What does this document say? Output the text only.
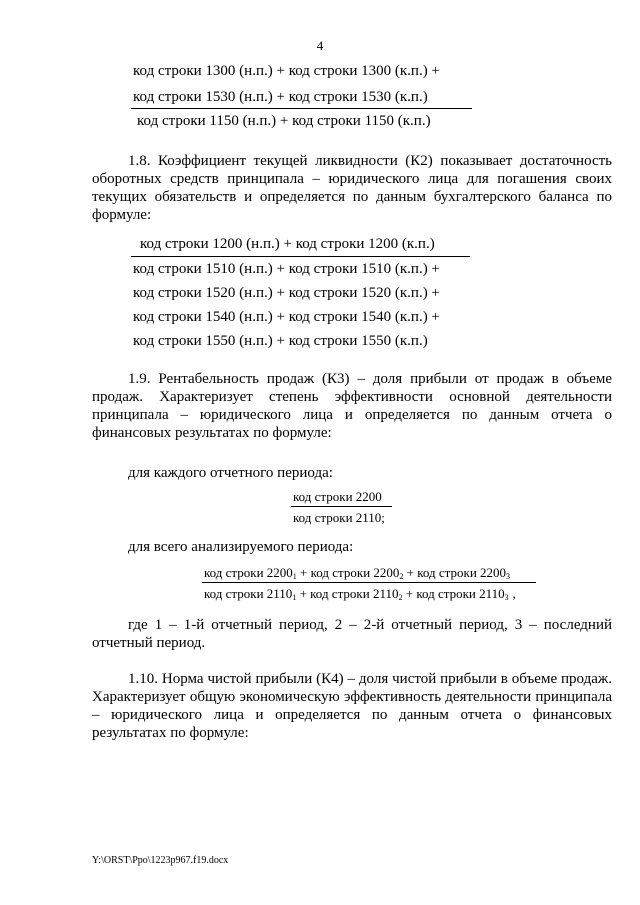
4
код строки 1300 (н.п.) + код строки 1300 (к.п.) +
код строки 1530 (н.п.) + код строки 1530 (к.п.)
код строки 1150 (н.п.) + код строки 1150 (к.п.)
1.8. Коэффициент текущей ликвидности (К2) показывает достаточность оборотных средств принципала – юридического лица для погашения своих текущих обязательств и определяется по данным бухгалтерского баланса по формуле:
код строки 1200 (н.п.) + код строки 1200 (к.п.)
код строки 1510 (н.п.) + код строки 1510 (к.п.) +
код строки 1520 (н.п.) + код строки 1520 (к.п.) +
код строки 1540 (н.п.) + код строки 1540 (к.п.) +
код строки 1550 (н.п.) + код строки 1550 (к.п.)
1.9. Рентабельность продаж (К3) – доля прибыли от продаж в объеме продаж. Характеризует степень эффективности основной деятельности принципала – юридического лица и определяется по данным отчета о финансовых результатах по формуле:
для каждого отчетного периода:
код строки 2200
код строки 2110;
для всего анализируемого периода:
код строки $2200_1$ + код строки $2200_2$ + код строки $2200_3$
код строки $2110_1$ + код строки $2110_2$ + код строки $2110_3$ ,
где 1 – 1-й отчетный период, 2 – 2-й отчетный период, 3 – последний отчетный период.
1.10. Норма чистой прибыли (К4) – доля чистой прибыли в объеме продаж. Характеризует общую экономическую эффективность деятельности принципала – юридического лица и определяется по данным отчета о финансовых результатах по формуле:
Y:\ORST\Ppo\1223p967.f19.docx
